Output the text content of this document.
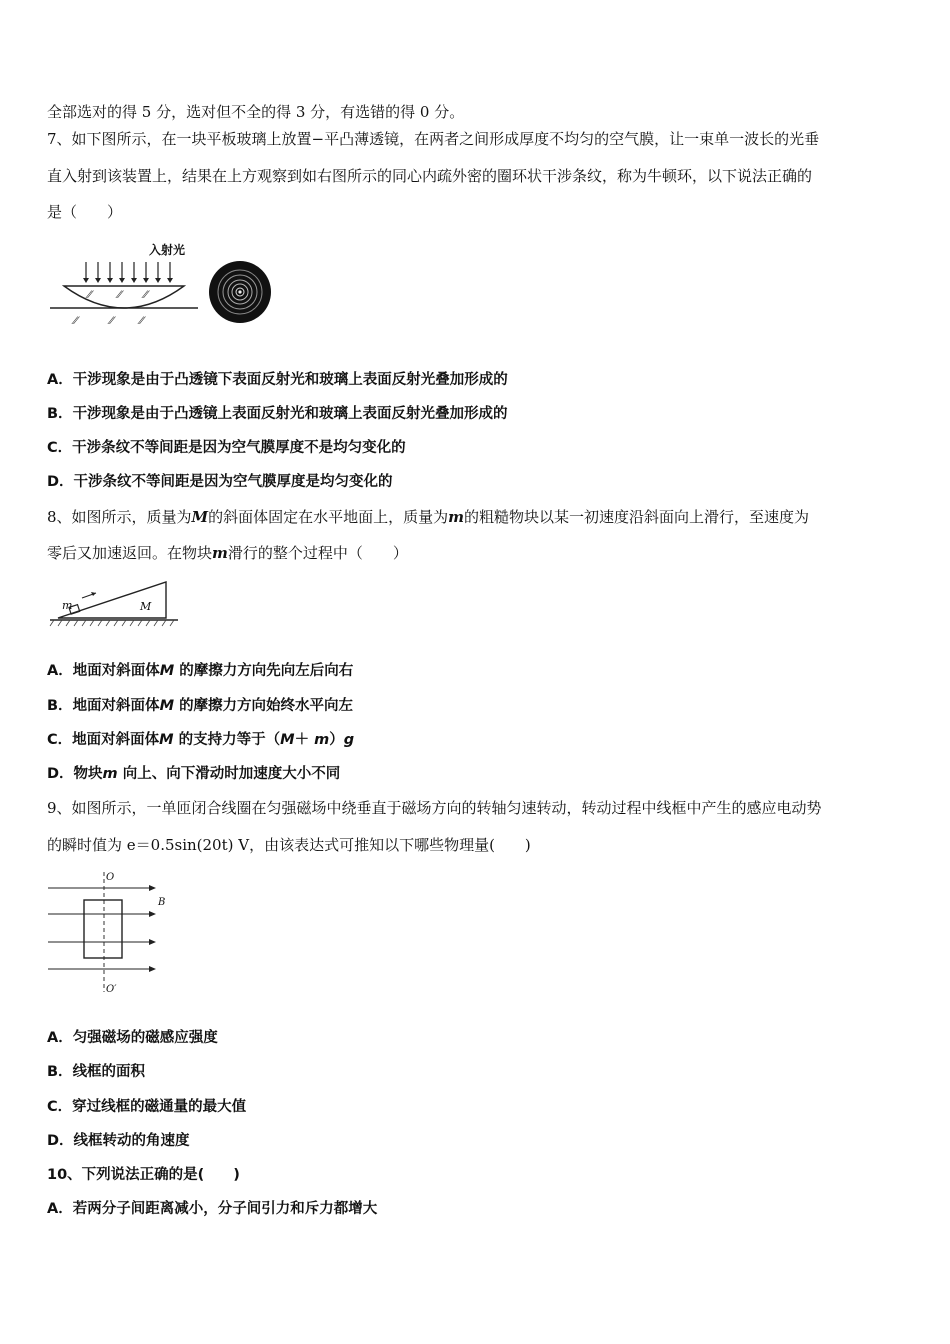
全部选对的得 5 分，选对但不全的得 3 分，有选错的得 0 分。
7、如下图所示，在一块平板玻璃上放置−平凸薄透镜，在两者之间形成厚度不均匀的空气膜，让一束单一波长的光垂
直入射到该装置上，结果在上方观察到如右图所示的同心内疏外密的圈环状干涉条纹，称为牛顿环，以下说法正确的
是（　　）
入射光
⁄⁄	⁄⁄	⁄⁄
⁄⁄	⁄⁄	⁄⁄
A．干涉现象是由于凸透镜下表面反射光和玻璃上表面反射光叠加形成的
B．干涉现象是由于凸透镜上表面反射光和玻璃上表面反射光叠加形成的
C．干涉条纹不等间距是因为空气膜厚度不是均匀变化的
D．干涉条纹不等间距是因为空气膜厚度是均匀变化的
8、如图所示，质量为M的斜面体固定在水平地面上，质量为m的粗糙物块以某一初速度沿斜面向上滑行，至速度为
零后又加速返回。在物块m滑行的整个过程中（　　）
m	M
A．地面对斜面体M 的摩擦力方向先向左后向右
B．地面对斜面体M 的摩擦力方向始终水平向左
C．地面对斜面体M 的支持力等于（M＋ m）g
D．物块m 向上、向下滑动时加速度大小不同
9、如图所示，一单匝闭合线圈在匀强磁场中绕垂直于磁场方向的转轴匀速转动，转动过程中线框中产生的感应电动势
的瞬时值为 e＝0.5sin(20t) V，由该表达式可推知以下哪些物理量(　　)
O
O′
B
A．匀强磁场的磁感应强度
B．线框的面积
C．穿过线框的磁通量的最大值
D．线框转动的角速度
10、下列说法正确的是(　　)
A．若两分子间距离减小，分子间引力和斥力都增大
